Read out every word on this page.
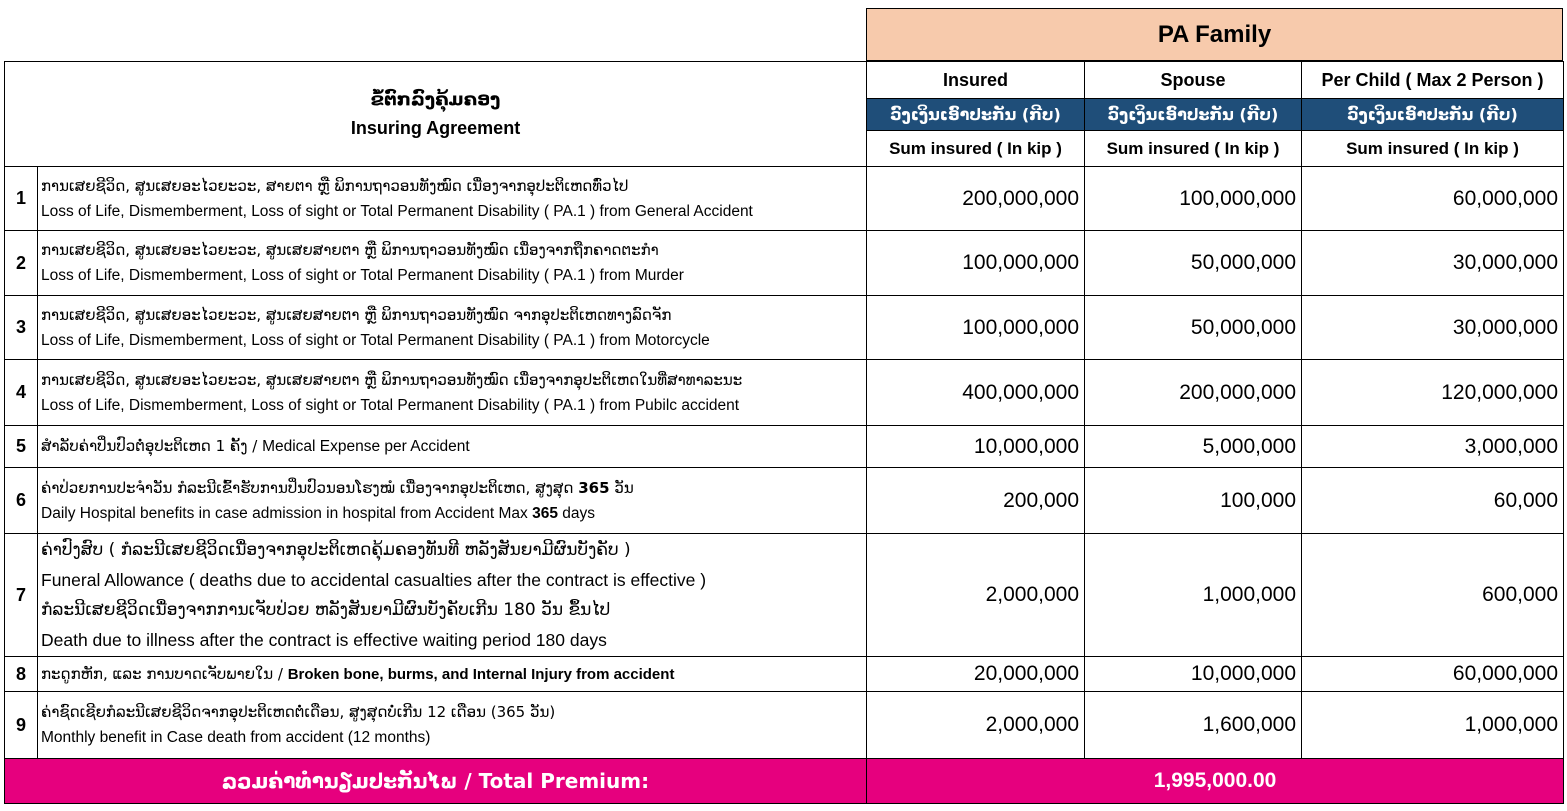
PA Family
ຂໍ້ຕົກລົງຄຸ້ມຄອງ
Insuring Agreement		Insured	Spouse	Per Child ( Max 2 Person )
		ວົງເງິນເອົາປະກັນ (ກີບ)	ວົງເງິນເອົາປະກັນ (ກີບ)	ວົງເງິນເອົາປະກັນ (ກີບ)
		Sum insured ( In kip )	Sum insured ( In kip )	Sum insured ( In kip )
1	ການເສຍຊີວິດ, ສູນເສຍອະໄວຍະວະ, ສາຍຕາ ຫຼື ພິການຖາວອນທັງໝົດ ເນື່ອງຈາກອຸປະຕິເຫດທົ່ວໄປ
Loss of Life, Dismemberment, Loss of sight or Total Permanent Disability ( PA.1 ) from General Accident	200,000,000	100,000,000	60,000,000
2	ການເສຍຊີວິດ, ສູນເສຍອະໄວຍະວະ, ສູນເສຍສາຍຕາ ຫຼື ພິການຖາວອນທັງໝົດ ເນື່ອງຈາກຖືກຄາດຕະກຳ
Loss of Life, Dismemberment, Loss of sight or Total Permanent Disability ( PA.1 ) from Murder	100,000,000	50,000,000	30,000,000
3	ການເສຍຊີວິດ, ສູນເສຍອະໄວຍະວະ, ສູນເສຍສາຍຕາ ຫຼື ພິການຖາວອນທັງໝົດ ຈາກອຸປະຕິເຫດທາງລົດຈັກ
Loss of Life, Dismemberment, Loss of sight or Total Permanent Disability ( PA.1 ) from Motorcycle	100,000,000	50,000,000	30,000,000
4	ການເສຍຊີວິດ, ສູນເສຍອະໄວຍະວະ, ສູນເສຍສາຍຕາ ຫຼື ພິການຖາວອນທັງໝົດ ເນື່ອງຈາກອຸປະຕິເຫດໃນທີ່ສາທາລະນະ
Loss of Life, Dismemberment, Loss of sight or Total Permanent Disability ( PA.1 ) from Pubilc accident	400,000,000	200,000,000	120,000,000
5	ສຳລັບຄ່າປິ່ນປົວຕໍ່ອຸປະຕິເຫດ 1 ຄັ້ງ / Medical Expense per Accident	10,000,000	5,000,000	3,000,000
6	ຄ່າປ່ວຍການປະຈຳວັນ ກໍລະນີເຂົ້າຮັບການປິ່ນປົວນອນໂຮງໝໍ ເນື່ອງຈາກອຸປະຕິເຫດ, ສູງສຸດ 365 ວັນ
Daily Hospital benefits in case admission in hospital from Accident Max 365 days	200,000	100,000	60,000
7	ຄ່າປົງສົບ ( ກໍລະນີເສຍຊີວິດເນື່ອງຈາກອຸປະຕິເຫດຄຸ້ມຄອງທັນທີ ຫລັງສັນຍາມີຜົນບັງຄັບ )
Funeral Allowance ( deaths due to accidental casualties after the contract is effective )
ກໍລະນີເສຍຊີວິດເນື່ອງຈາກການເຈັບປ່ວຍ ຫລັງສັນຍາມີຜົນບັງຄັບເກີນ 180 ວັນ ຂຶ້ນໄປ
Death due to illness after the contract is effective waiting period 180 days	2,000,000	1,000,000	600,000
8	ກະດູກຫັກ, ແລະ ການບາດເຈັບພາຍໃນ / Broken bone, burms, and Internal Injury from accident	20,000,000	10,000,000	60,000,000
9	ຄ່າຊົດເຊີຍກໍລະນີເສຍຊີວິດຈາກອຸປະຕິເຫດຕໍ່ເດືອນ, ສູງສຸດບໍ່ເກີນ 12 ເດືອນ (365 ວັນ)
Monthly benefit in Case death from accident (12 months)	2,000,000	1,600,000	1,000,000
ລວມຄ່າທຳນຽມປະກັນໄພ / Total Premium:		1,995,000.00		
